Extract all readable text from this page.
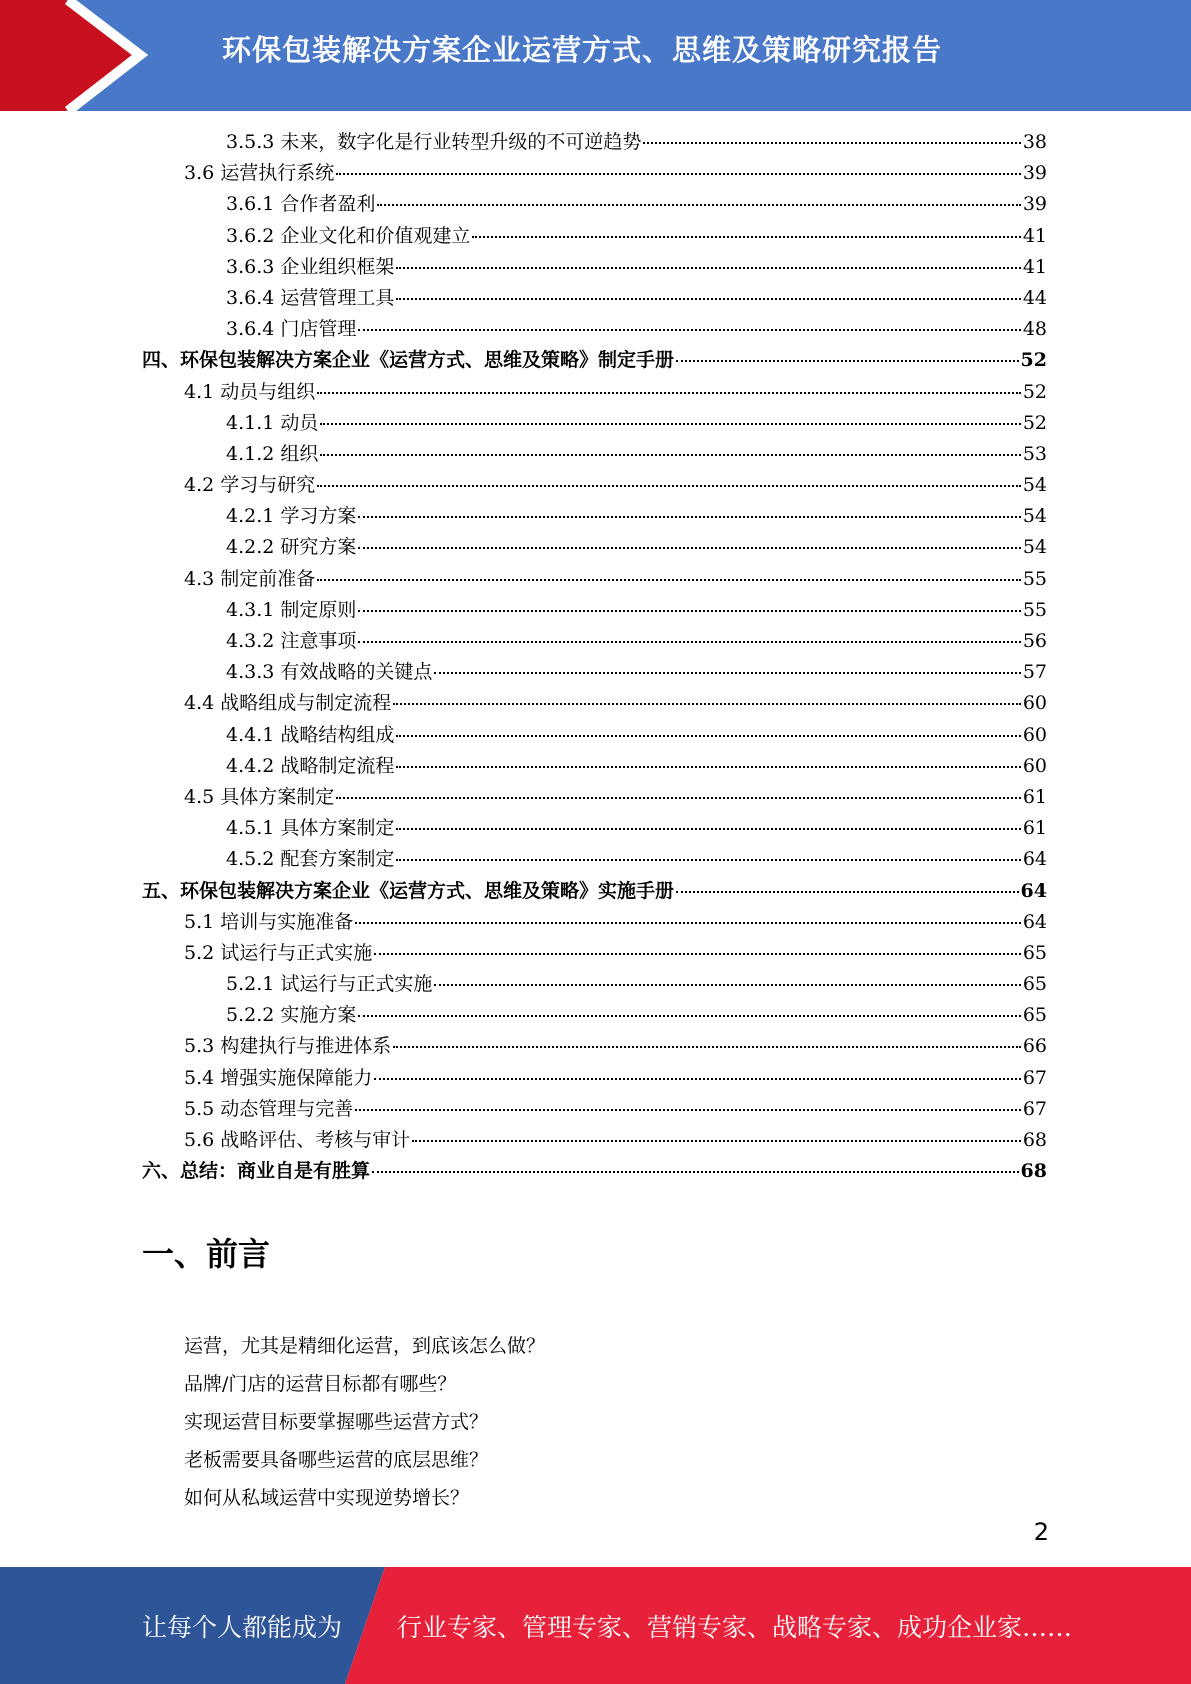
环保包装解决方案企业运营方式、思维及策略研究报告
3.5.3 未来，数字化是行业转型升级的不可逆趋势	38
3.6 运营执行系统	39
3.6.1 合作者盈利	39
3.6.2 企业文化和价值观建立	41
3.6.3 企业组织框架	41
3.6.4 运营管理工具	44
3.6.4 门店管理	48
四、环保包装解决方案企业《运营方式、思维及策略》制定手册	52
4.1 动员与组织	52
4.1.1 动员	52
4.1.2 组织	53
4.2 学习与研究	54
4.2.1 学习方案	54
4.2.2 研究方案	54
4.3 制定前准备	55
4.3.1 制定原则	55
4.3.2 注意事项	56
4.3.3 有效战略的关键点	57
4.4 战略组成与制定流程	60
4.4.1 战略结构组成	60
4.4.2 战略制定流程	60
4.5 具体方案制定	61
4.5.1 具体方案制定	61
4.5.2 配套方案制定	64
五、环保包装解决方案企业《运营方式、思维及策略》实施手册	64
5.1 培训与实施准备	64
5.2 试运行与正式实施	65
5.2.1 试运行与正式实施	65
5.2.2 实施方案	65
5.3 构建执行与推进体系	66
5.4 增强实施保障能力	67
5.5 动态管理与完善	67
5.6 战略评估、考核与审计	68
六、总结：商业自是有胜算	68
一、前言
运营，尤其是精细化运营，到底该怎么做？
品牌/门店的运营目标都有哪些？
实现运营目标要掌握哪些运营方式？
老板需要具备哪些运营的底层思维？
如何从私域运营中实现逆势增长？
2
让每个人都能成为 行业专家、管理专家、营销专家、战略专家、成功企业家……
